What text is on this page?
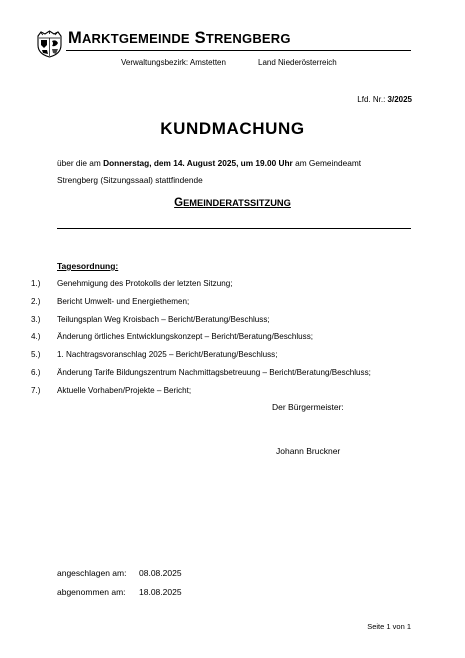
MARKTGEMEINDE STRENGBERG
Verwaltungsbezirk: Amstetten	Land Niederösterreich
Lfd. Nr.: 3/2025
KUNDMACHUNG
über die am Donnerstag, dem 14. August 2025, um 19.00 Uhr am Gemeindeamt
Strengberg (Sitzungssaal) stattfindende
GEMEINDERATSSITZUNG
Tagesordnung:
1.) Genehmigung des Protokolls der letzten Sitzung;
2.) Bericht Umwelt- und Energiethemen;
3.) Teilungsplan Weg Kroisbach – Bericht/Beratung/Beschluss;
4.) Änderung örtliches Entwicklungskonzept – Bericht/Beratung/Beschluss;
5.) 1. Nachtragsvoranschlag 2025 – Bericht/Beratung/Beschluss;
6.) Änderung Tarife Bildungszentrum Nachmittagsbetreuung – Bericht/Beratung/Beschluss;
7.) Aktuelle Vorhaben/Projekte – Bericht;
Der Bürgermeister:
Johann Bruckner
angeschlagen am: 08.08.2025
abgenommen am: 18.08.2025
Seite 1 von 1
